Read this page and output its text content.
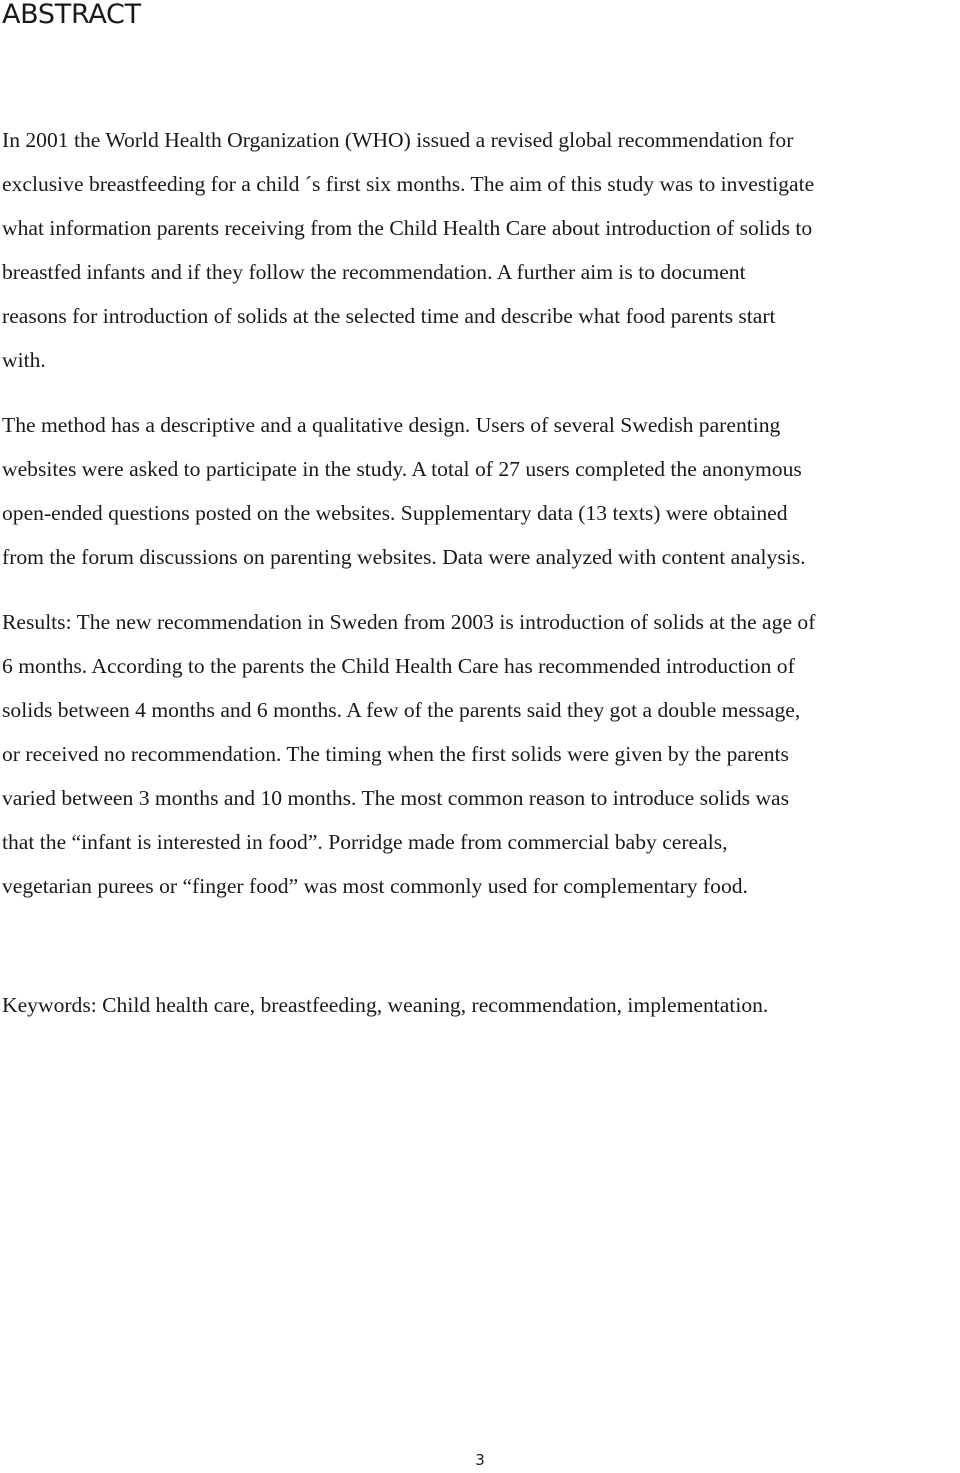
ABSTRACT
In 2001 the World Health Organization (WHO) issued a revised global recommendation for
exclusive breastfeeding for a child ´s first six months. The aim of this study was to investigate
what information parents receiving from the Child Health Care about introduction of solids to
breastfed infants and if they follow the recommendation. A further aim is to document
reasons for introduction of solids at the selected time and describe what food parents start
with.
The method has a descriptive and a qualitative design. Users of several Swedish parenting
websites were asked to participate in the study. A total of 27 users completed the anonymous
open-ended questions posted on the websites. Supplementary data (13 texts) were obtained
from the forum discussions on parenting websites. Data were analyzed with content analysis.
Results: The new recommendation in Sweden from 2003 is introduction of solids at the age of
6 months. According to the parents the Child Health Care has recommended introduction of
solids between 4 months and 6 months. A few of the parents said they got a double message,
or received no recommendation. The timing when the first solids were given by the parents
varied between 3 months and 10 months. The most common reason to introduce solids was
that the “infant is interested in food”. Porridge made from commercial baby cereals,
vegetarian purees or “finger food” was most commonly used for complementary food.
Keywords: Child health care, breastfeeding, weaning, recommendation, implementation.
3
